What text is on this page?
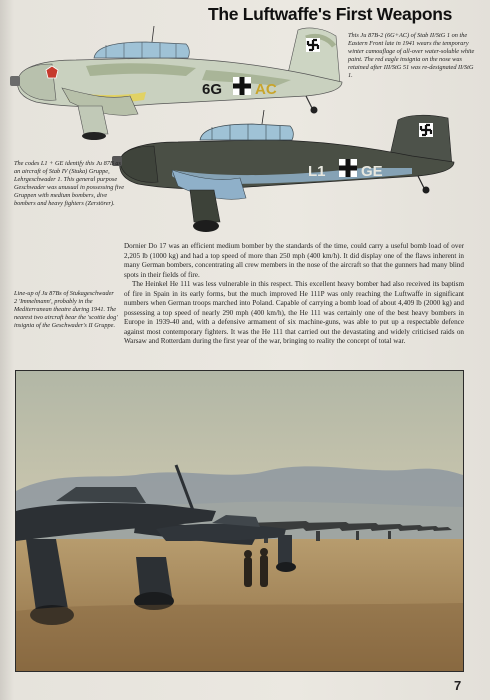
The Luftwaffe's First Weapons
6G AC

This Ju 87B-2 (6G+AC) of Stab II/StG 1 on the Eastern Front late in 1941 wears the temporary winter camouflage of all-over water-soluble white paint. The red eagle insignia on the nose was retained after III/StG 51 was re-designated II/StG 1.

L1 GE

The codes L1 + GE identify this Ju 87B as an aircraft of Stab IV (Stuka) Gruppe, Lehrgeschwader 1. This general purpose Geschwader was unusual in possessing five Gruppen with medium bombers, dive bombers and heavy fighters (Zerstörer).

Dornier Do 17 was an efficient medium bomber by the standards of the time, could carry a useful bomb load of over 2,205 lb (1000 kg) and had a top speed of more than 250 mph (400 km/h). It did display one of the flaws inherent in many German bombers, concentrating all crew members in the nose of the aircraft so that the gunners had many blind spots in their fields of fire.

The Heinkel He 111 was less vulnerable in this respect. This excellent heavy bomber had also received its baptism of fire in Spain in its early forms, but the much improved He 111P was only reaching the Luftwaffe in significant numbers when German troops marched into Poland. Capable of carrying a bomb load of about 4,409 lb (2000 kg) and possessing a top speed of nearly 290 mph (400 km/h), the He 111 was certainly one of the best heavy bombers in Europe in 1939-40 and, with a defensive armament of six machine-guns, was able to put up a respectable defence against most contemporary fighters. It was the He 111 that carried out the devastating and widely criticised raids on Warsaw and Rotterdam during the first year of the war, bringing to reality the concept of total war.

Line-up of Ju 87Bs of Stukageschwader 2 'Immelmann', probably in the Mediterranean theatre during 1941. The nearest two aircraft bear the 'scottie dog' insignia of the Geschwader's II Gruppe.

7
